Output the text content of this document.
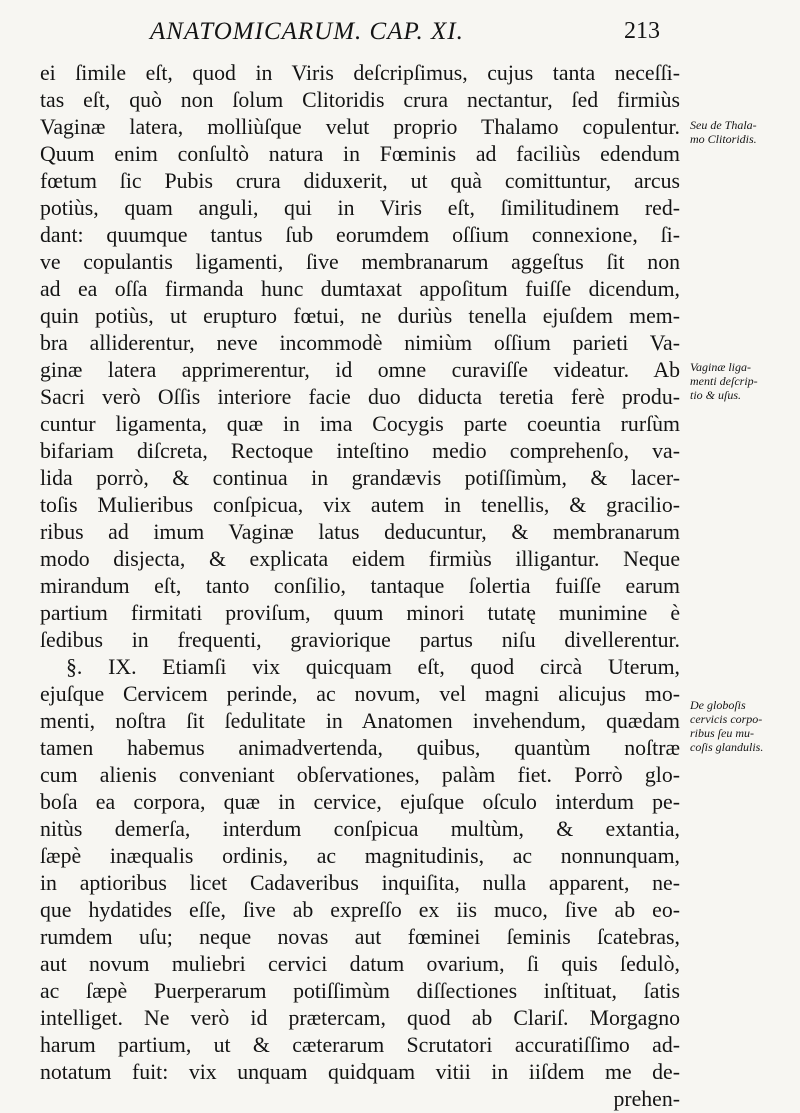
ANATOMICARUM. CAP. XI.	213
ei ſimile eſt, quod in Viris deſcripſimus, cujus tanta neceſſi-
tas eſt, quò non ſolum Clitoridis crura nectantur, ſed firmiùs
Vaginæ latera, molliùſque velut proprio Thalamo copulentur.
Quum enim conſultò natura in Fœminis ad faciliùs edendum
fœtum ſic Pubis crura diduxerit, ut quà comittuntur, arcus
potiùs, quam anguli, qui in Viris eſt, ſimilitudinem red-
dant: quumque tantus ſub eorumdem oſſium connexione, ſi-
ve copulantis ligamenti, ſive membranarum aggeſtus ſit non
ad ea oſſa firmanda hunc dumtaxat appoſitum fuiſſe dicendum,
quin potiùs, ut erupturo fœtui, ne duriùs tenella ejuſdem mem-
bra alliderentur, neve incommodè nimiùm oſſium parieti Va-
ginæ latera apprimerentur, id omne curaviſſe videatur. Ab
Sacri verò Oſſis interiore facie duo diducta teretia ferè produ-
cuntur ligamenta, quæ in ima Cocygis parte coeuntia rurſùm
bifariam diſcreta, Rectoque inteſtino medio comprehenſo, va-
lida porrò, & continua in grandævis potiſſimùm, & lacer-
toſis Mulieribus conſpicua, vix autem in tenellis, & graciliо-
ribus ad imum Vaginæ latus deducuntur, & membranarum
modo disjecta, & explicata eidem firmiùs illigantur. Neque
mirandum eſt, tanto conſilio, tantaque ſolertia fuiſſe earum
partium firmitati proviſum, quum minori tutatę munimine è
ſedibus in frequenti, graviorique partus niſu divellerentur.
§. IX. Etiamſi vix quicquam eſt, quod circà Uterum,
ejuſque Cervicem perinde, ac novum, vel magni alicujus mo-
menti, noſtra ſit ſedulitate in Anatomen invehendum, quædam
tamen habemus animadvertenda, quibus, quantùm noſtræ
cum alienis conveniant obſervationes, palàm fiet. Porrò glo-
boſa ea corpora, quæ in cervice, ejuſque oſculo interdum pe-
nitùs demerſa, interdum conſpicua multùm, & extantia,
ſæpè inæqualis ordinis, ac magnitudinis, ac nonnunquam,
in aptioribus licet Cadaveribus inquiſita, nulla apparent, ne-
que hydatides eſſe, ſive ab expreſſo ex iis muco, ſive ab eo-
rumdem uſu; neque novas aut fœminei ſeminis ſcatebras,
aut novum muliebri cervici datum ovarium, ſi quis ſedulò,
ac ſæpè Puerperarum potiſſimùm diſſectiones inſtituat, ſatis
intelliget. Ne verò id prætercam, quod ab Clariſ. Morgagno
harum partium, ut & cæterarum Scrutatori accuratiſſimo ad-
notatum fuit: vix unquam quidquam vitii in iiſdem me de-
prehen-
Seu de Thala-
mo Clitoridis.
Vaginæ liga-
menti deſcrip-
tio & uſus.
De globoſis
cervicis corpo-
ribus ſeu mu-
coſis glandulis.
